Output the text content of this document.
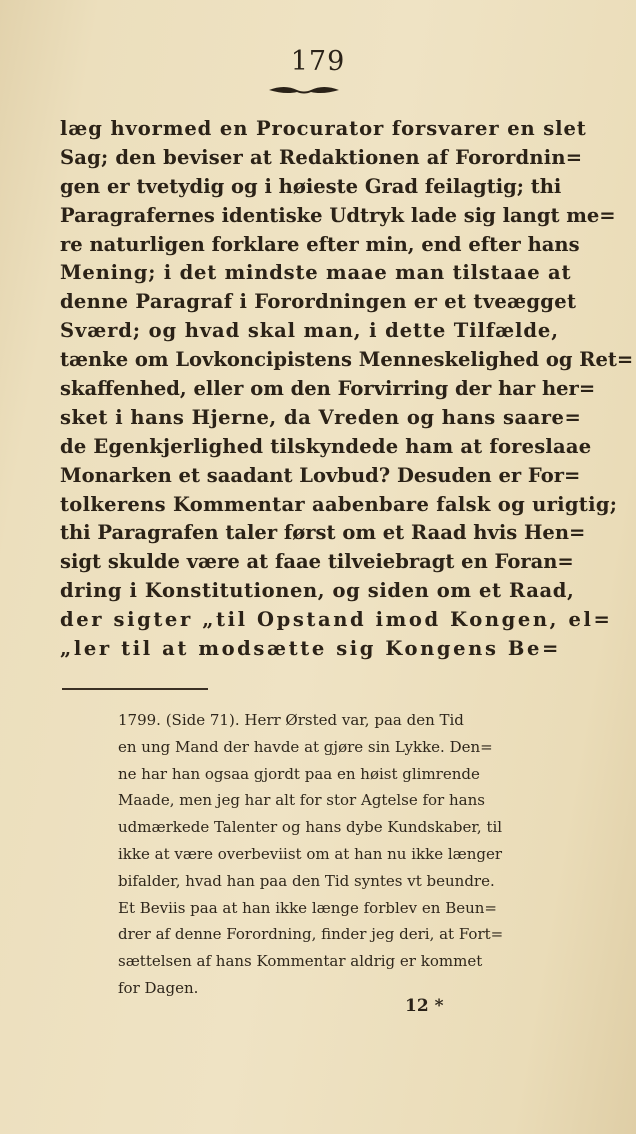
179
læg hvormed en Procurator forsvarer en slet
Sag; den beviser at Redaktionen af Forordnin=
gen er tvetydig og i høieste Grad feilagtig; thi
Paragrafernes identiske Udtryk lade sig langt me=
re naturligen forklare efter min, end efter hans
Mening; i det mindste maae man tilstaae at
denne Paragraf i Forordningen er et tveægget
Sværd; og hvad skal man, i dette Tilfælde,
tænke om Lovkoncipistens Menneskelighed og Ret=
skaffenhed, eller om den Forvirring der har her=
sket i hans Hjerne, da Vreden og hans saare=
de Egenkjerlighed tilskyndede ham at foreslaae
Monarken et saadant Lovbud? Desuden er For=
tolkerens Kommentar aabenbare falsk og urigtig;
thi Paragrafen taler først om et Raad hvis Hen=
sigt skulde være at faae tilveiebragt en Foran=
dring i Konstitutionen, og siden om et Raad,
der sigter „til Opstand imod Kongen, el=
„ler til at modsætte sig Kongens Be=
1799. (Side 71). Herr Ørsted var, paa den Tid
en ung Mand der havde at gjøre sin Lykke. Den=
ne har han ogsaa gjordt paa en høist glimrende
Maade, men jeg har alt for stor Agtelse for hans
udmærkede Talenter og hans dybe Kundskaber, til
ikke at være overbeviist om at han nu ikke længer
bifalder, hvad han paa den Tid syntes vt beundre.
Et Beviis paa at han ikke længe forblev en Beun=
drer af denne Forordning, finder jeg deri, at Fort=
sættelsen af hans Kommentar aldrig er kommet
for Dagen.
12 *
